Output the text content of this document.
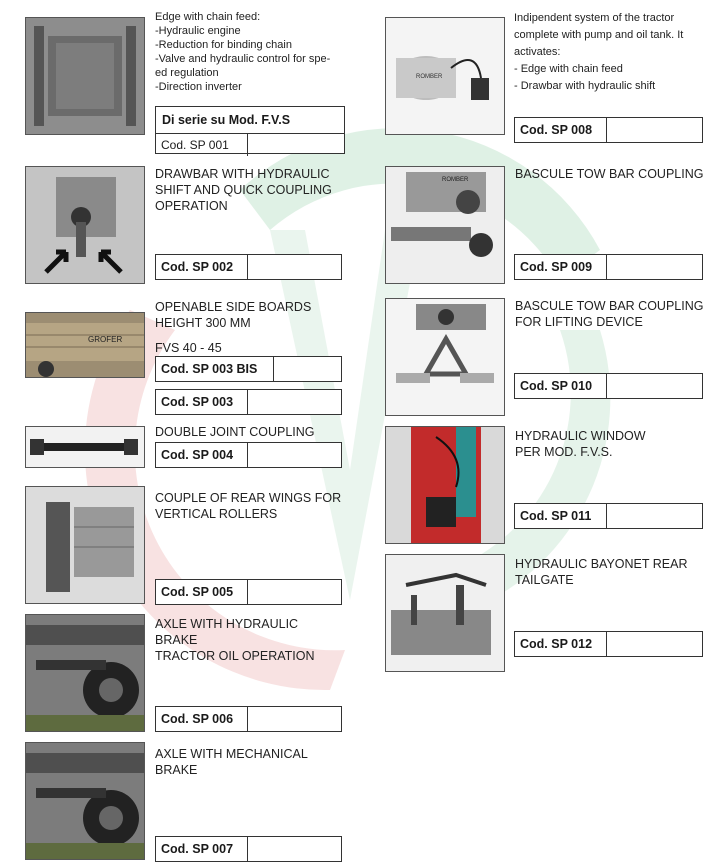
Edge with chain feed:
-Hydraulic engine
-Reduction for binding chain
-Valve and hydraulic control for spe-
ed regulation
-Direction inverter
Di serie su Mod. F.V.S
Cod. SP 001
DRAWBAR WITH HYDRAULIC
SHIFT AND QUICK COUPLING
OPERATION
Cod. SP 002
GROFER
OPENABLE SIDE BOARDS
HEIGHT 300 MM
FVS 40 - 45
Cod. SP 003 BIS
Cod. SP 003
DOUBLE JOINT COUPLING
Cod. SP 004
COUPLE OF REAR WINGS FOR
VERTICAL ROLLERS
Cod. SP 005
AXLE WITH HYDRAULIC
BRAKE
TRACTOR OIL OPERATION
Cod. SP 006
AXLE WITH MECHANICAL
BRAKE
Cod. SP 007
ROMBER
Indipendent system of the tractor
complete with pump and oil tank. It
activates:
- Edge with chain feed
- Drawbar with hydraulic shift
Cod. SP 008
ROMBER	BASCULE TOW BAR COUPLING
Cod. SP 009
BASCULE TOW BAR COUPLING
FOR LIFTING DEVICE
Cod. SP 010
HYDRAULIC WINDOW
PER MOD. F.V.S.
Cod. SP 011
HYDRAULIC BAYONET REAR
TAILGATE
Cod. SP 012
